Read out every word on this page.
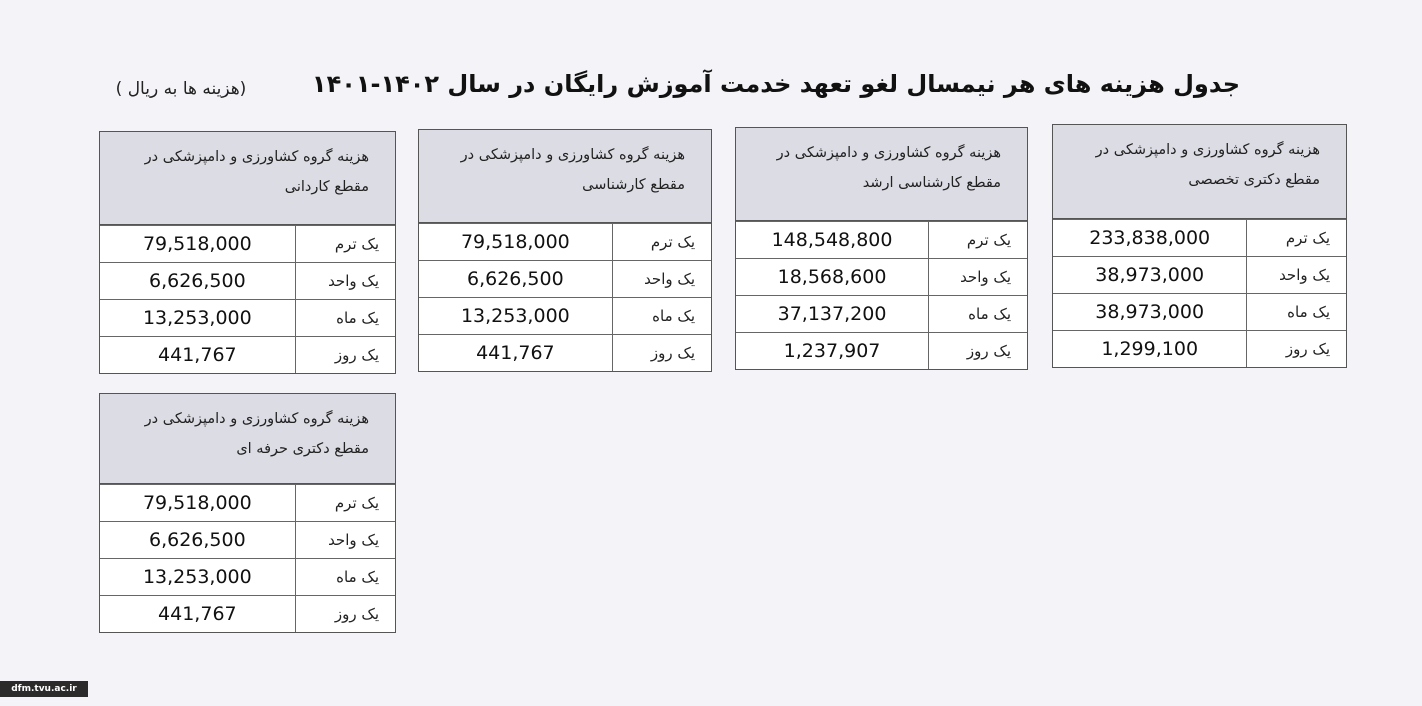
جدول هزینه های هر نیمسال لغو تعهد خدمت آموزش رایگان در سال ۱۴۰۲-۱۴۰۱
(هزینه ها به ریال )
هزینه گروه کشاورزی و دامپزشکی در مقطع دکتری تخصصی
233,838,000	یک ترم
38,973,000	یک واحد
38,973,000	یک ماه
1,299,100	یک روز
هزینه گروه کشاورزی و دامپزشکی در مقطع کارشناسی ارشد
148,548,800	یک ترم
18,568,600	یک واحد
37,137,200	یک ماه
1,237,907	یک روز
هزینه گروه کشاورزی و دامپزشکی در مقطع کارشناسی
79,518,000	یک ترم
6,626,500	یک واحد
13,253,000	یک ماه
441,767	یک روز
هزینه گروه کشاورزی و دامپزشکی در مقطع کاردانی
79,518,000	یک ترم
6,626,500	یک واحد
13,253,000	یک ماه
441,767	یک روز
هزینه گروه کشاورزی و دامپزشکی در مقطع دکتری حرفه ای
79,518,000	یک ترم
6,626,500	یک واحد
13,253,000	یک ماه
441,767	یک روز
dfm.tvu.ac.ir
